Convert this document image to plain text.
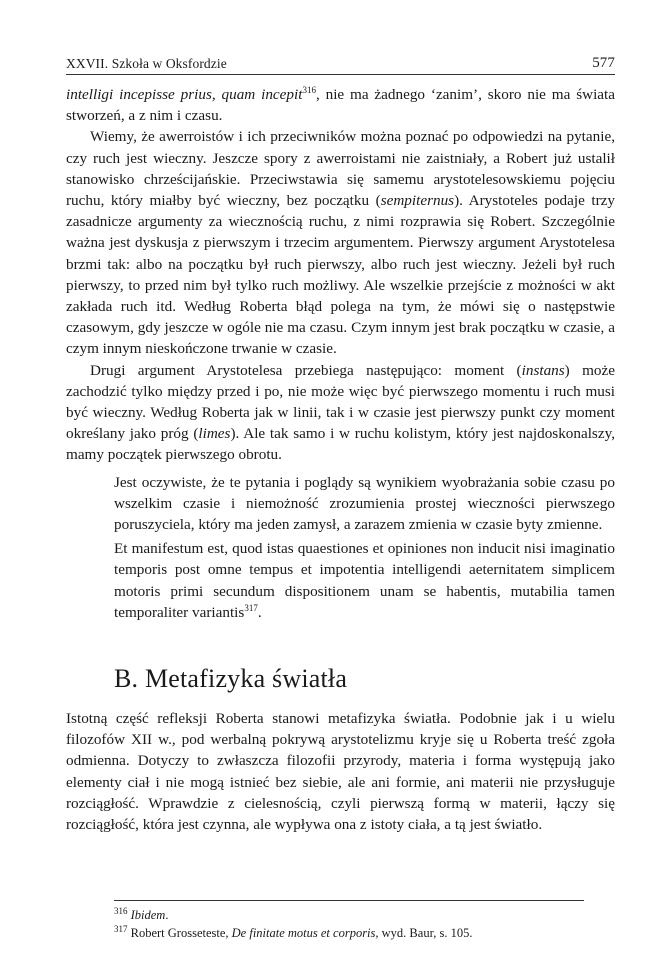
XXVII. Szkoła w Oksfordzie	577

intelligi incepisse prius, quam incepit$^{316}$, nie ma żadnego ‘zanim’, skoro nie ma świata stworzeń, a z nim i czasu.

Wiemy, że awerroistów i ich przeciwników można poznać po odpowiedzi na pytanie, czy ruch jest wieczny. Jeszcze spory z awerroistami nie zaistniały, a Robert już ustalił stanowisko chrześcijańskie. Przeciwstawia się samemu arystotelesowskiemu pojęciu ruchu, który miałby być wieczny, bez początku (sempiternus). Arystoteles podaje trzy zasadnicze argumenty za wiecznością ruchu, z nimi rozprawia się Robert. Szczególnie ważna jest dyskusja z pierwszym i trzecim argumentem. Pierwszy argument Arystotelesa brzmi tak: albo na początku był ruch pierwszy, albo ruch jest wieczny. Jeżeli był ruch pierwszy, to przed nim był tylko ruch możliwy. Ale wszelkie przejście z możności w akt zakłada ruch itd. Według Roberta błąd polega na tym, że mówi się o następstwie czasowym, gdy jeszcze w ogóle nie ma czasu. Czym innym jest brak początku w czasie, a czym innym nieskończone trwanie w czasie.

Drugi argument Arystotelesa przebiega następująco: moment (instans) może zachodzić tylko między przed i po, nie może więc być pierwszego momentu i ruch musi być wieczny. Według Roberta jak w linii, tak i w czasie jest pierwszy punkt czy moment określany jako próg (limes). Ale tak samo i w ruchu kolistym, który jest najdoskonalszy, mamy początek pierwszego obrotu.

Jest oczywiste, że te pytania i poglądy są wynikiem wyobrażania sobie czasu po wszelkim czasie i niemożność zrozumienia prostej wieczności pierwszego poruszyciela, który ma jeden zamysł, a zarazem zmienia w czasie byty zmienne.

Et manifestum est, quod istas quaestiones et opiniones non inducit nisi imaginatio temporis post omne tempus et impotentia intelligendi aeternitatem simplicem motoris primi secundum dispositionem unam se habentis, mutabilia tamen temporaliter variantis$^{317}$.

B. Metafizyka światła

Istotną część refleksji Roberta stanowi metafizyka światła. Podobnie jak i u wielu filozofów XII w., pod werbalną pokrywą arystotelizmu kryje się u Roberta treść zgoła odmienna. Dotyczy to zwłaszcza filozofii przyrody, materia i forma występują jako elementy ciał i nie mogą istnieć bez siebie, ale ani formie, ani materii nie przysługuje rozciągłość. Wprawdzie z cielesnością, czyli pierwszą formą w materii, łączy się rozciągłość, która jest czynna, ale wypływa ona z istoty ciała, a tą jest światło.

$^{316}$ Ibidem.
$^{317}$ Robert Grosseteste, De finitate motus et corporis, wyd. Baur, s. 105.
